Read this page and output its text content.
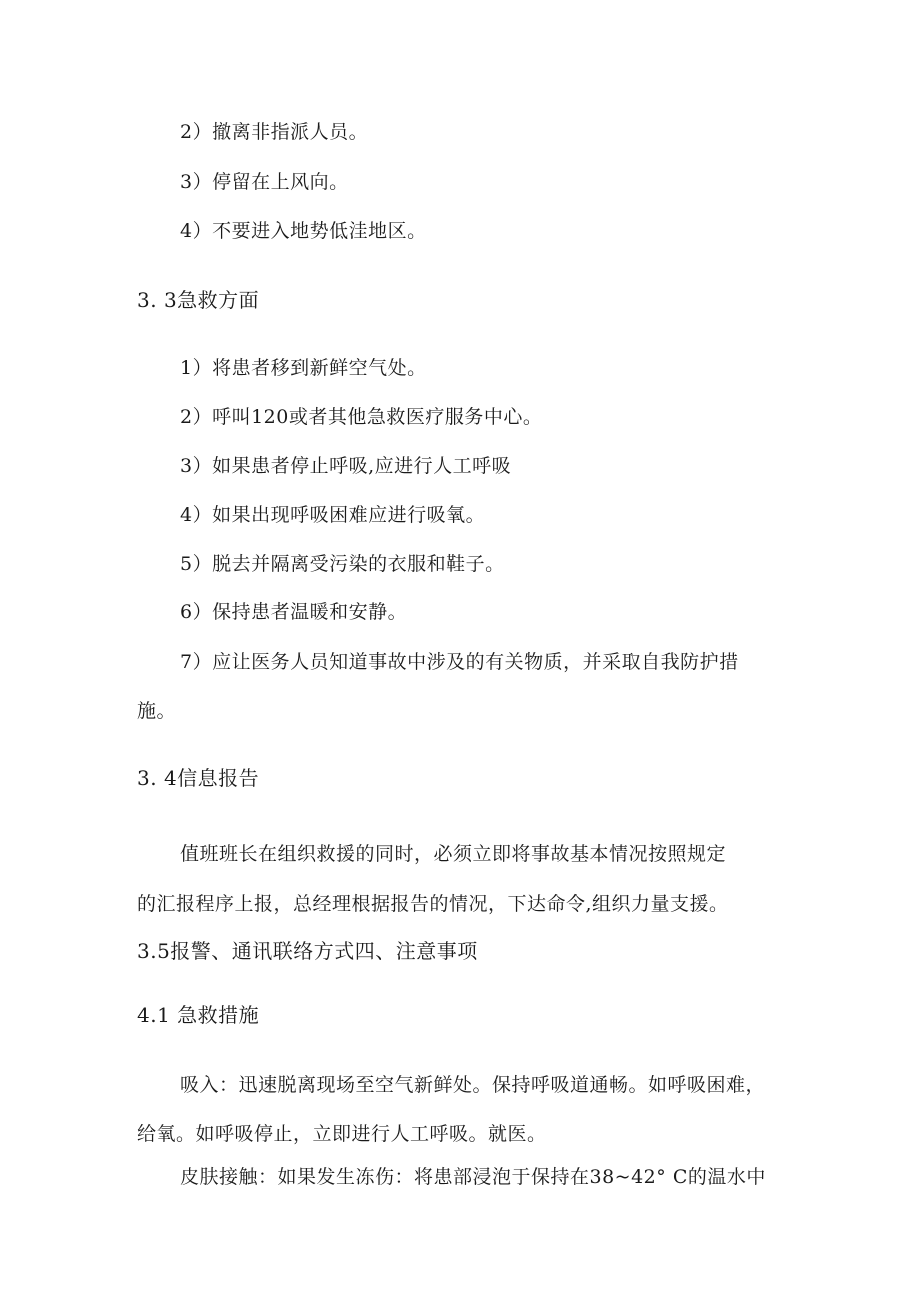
2）撤离非指派人员。

3）停留在上风向。

4）不要进入地势低洼地区。

3. 3急救方面

1）将患者移到新鲜空气处。

2）呼叫120或者其他急救医疗服务中心。

3）如果患者停止呼吸,应进行人工呼吸

4）如果出现呼吸困难应进行吸氧。

5）脱去并隔离受污染的衣服和鞋子。

6）保持患者温暖和安静。

7）应让医务人员知道事故中涉及的有关物质，并采取自我防护措

施。

3. 4信息报告

值班班长在组织救援的同时，必须立即将事故基本情况按照规定

的汇报程序上报，总经理根据报告的情况，下达命令,组织力量支援。

3.5报警、通讯联络方式四、注意事项

4.1 急救措施

吸入：迅速脱离现场至空气新鲜处。保持呼吸道通畅。如呼吸困难，

给氧。如呼吸停止，立即进行人工呼吸。就医。

皮肤接触：如果发生冻伤：将患部浸泡于保持在38~42° C的温水中
